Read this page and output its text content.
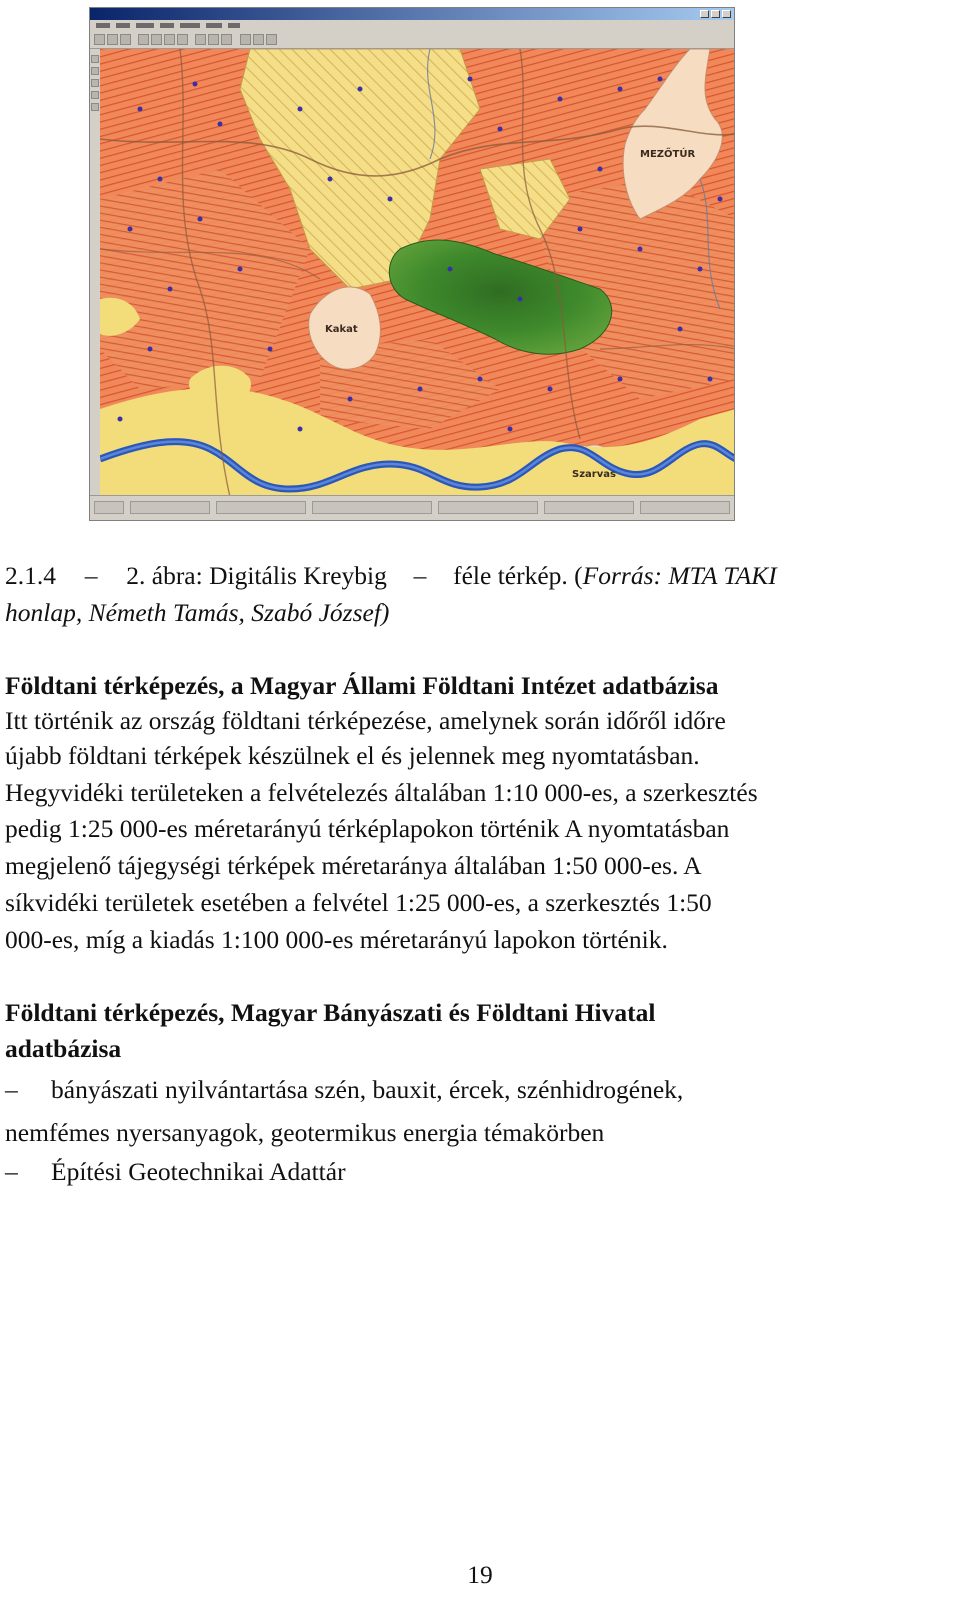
MEZŐTÚR
Kakat
Szarvas
2.1.4 – 2. ábra: Digitális Kreybig – féle térkép. (Forrás: MTA TAKI
honlap, Németh Tamás, Szabó József)
Földtani térképezés, a Magyar Állami Földtani Intézet adatbázisa
Itt történik az ország földtani térképezése, amelynek során időről időre
újabb földtani térképek készülnek el és jelennek meg nyomtatásban.
Hegyvidéki területeken a felvételezés általában 1:10 000-es, a szerkesztés
pedig 1:25 000-es méretarányú térképlapokon történik A nyomtatásban
megjelenő tájegységi térképek méretaránya általában 1:50 000-es. A
síkvidéki területek esetében a felvétel 1:25 000-es, a szerkesztés 1:50
000-es, míg a kiadás 1:100 000-es méretarányú lapokon történik.
Földtani térképezés, Magyar Bányászati és Földtani Hivatal
adatbázisa
– bányászati nyilvántartása szén, bauxit, ércek, szénhidrogének,
nemfémes nyersanyagok, geotermikus energia témakörben
– Építési Geotechnikai Adattár
19
